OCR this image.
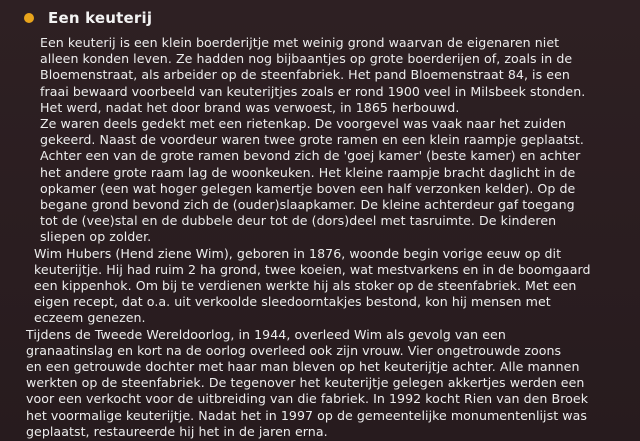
Een keuterij
Een keuterij is een klein boerderijtje met weinig grond waarvan de eigenaren niet
alleen konden leven. Ze hadden nog bijbaantjes op grote boerderijen of, zoals in de
Bloemenstraat, als arbeider op de steenfabriek. Het pand Bloemenstraat 84, is een
fraai bewaard voorbeeld van keuterijtjes zoals er rond 1900 veel in Milsbeek stonden.
Het werd, nadat het door brand was verwoest, in 1865 herbouwd.
Ze waren deels gedekt met een rietenkap. De voorgevel was vaak naar het zuiden
gekeerd. Naast de voordeur waren twee grote ramen en een klein raampje geplaatst.
Achter een van de grote ramen bevond zich de 'goej kamer' (beste kamer) en achter
het andere grote raam lag de woonkeuken. Het kleine raampje bracht daglicht in de
opkamer (een wat hoger gelegen kamertje boven een half verzonken kelder). Op de
begane grond bevond zich de (ouder)slaapkamer. De kleine achterdeur gaf toegang
tot de (vee)stal en de dubbele deur tot de (dors)deel met tasruimte. De kinderen
sliepen op zolder.
Wim Hubers (Hend ziene Wim), geboren in 1876, woonde begin vorige eeuw op dit
keuterijtje. Hij had ruim 2 ha grond, twee koeien, wat mestvarkens en in de boomgaard
een kippenhok. Om bij te verdienen werkte hij als stoker op de steenfabriek. Met een
eigen recept, dat o.a. uit verkoolde sleedoorntakjes bestond, kon hij mensen met
eczeem genezen.
Tijdens de Tweede Wereldoorlog, in 1944, overleed Wim als gevolg van een
granaatinslag en kort na de oorlog overleed ook zijn vrouw. Vier ongetrouwde zoons
en een getrouwde dochter met haar man bleven op het keuterijtje achter. Alle mannen
werkten op de steenfabriek. De tegenover het keuterijtje gelegen akkertjes werden een
voor een verkocht voor de uitbreiding van die fabriek. In 1992 kocht Rien van den Broek
het voormalige keuterijtje. Nadat het in 1997 op de gemeentelijke monumentenlijst was
geplaatst, restaureerde hij het in de jaren erna.
